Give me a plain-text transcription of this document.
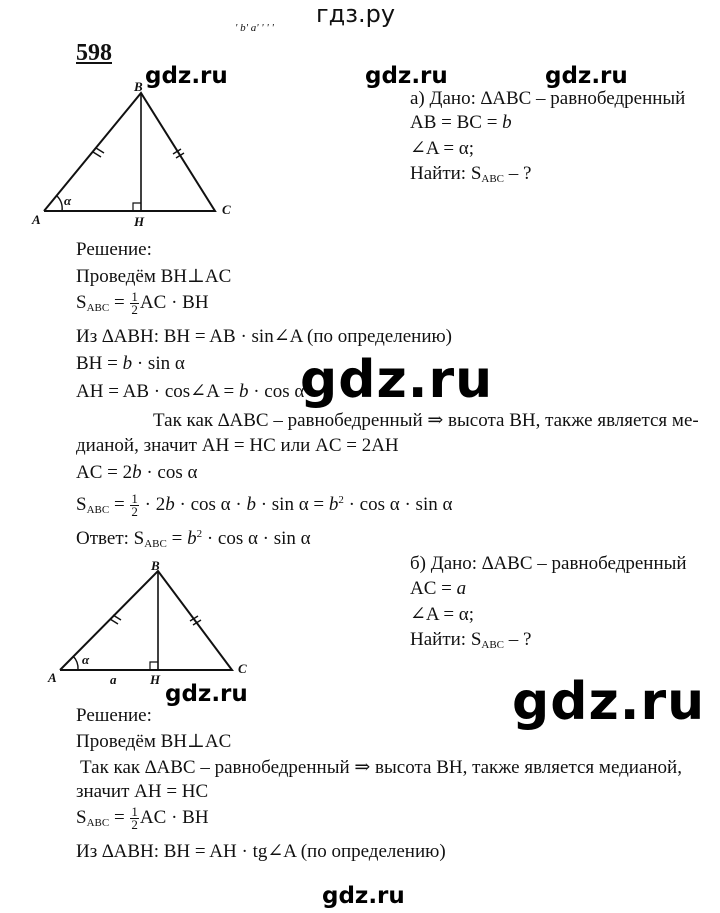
гдз.ру
ʹ bʹ aʹ ʹ ʹ ʹ
598
gdz.ru	gdz.ru	gdz.ru
gdz.ru
gdz.ru	gdz.ru
gdz.ru
B
A
C
H
α
а) Дано: ∆ABC – равнобедренный
AB = BC = b
∠A = α;
Найти: $S_{ABC}$ – ?
Решение:
Проведём BH⊥AC
$S_{ABC} = \frac{1}{2}$ AC · BH
Из ∆ABH: BH = AB · sin∠A (по определению)
BH = b · sin α
AH = AB · cos∠A = b · cos α
Так как ∆ABC – равнобедренный ⇒ высота BH, также является ме-
дианой, значит AH = HC или AC = 2AH
AC = 2b · cos α
$S_{ABC} = \frac{1}{2} \cdot 2b \cdot \cos \alpha \cdot b \cdot \sin \alpha = b^2 \cdot \cos \alpha \cdot \sin \alpha$
Ответ: $S_{ABC} = b^2 \cdot \cos \alpha \cdot \sin \alpha$
B
A
C
H
α
a
б) Дано: ∆ABC – равнобедренный
AC = a
∠A = α;
Найти: $S_{ABC}$ – ?
Решение:
Проведём BH⊥AC
Так как ∆ABC – равнобедренный ⇒ высота BH, также является медианой,
значит AH = HC
$S_{ABC} = \frac{1}{2}$ AC · BH
Из ∆ABH: BH = AH · tg∠A (по определению)
